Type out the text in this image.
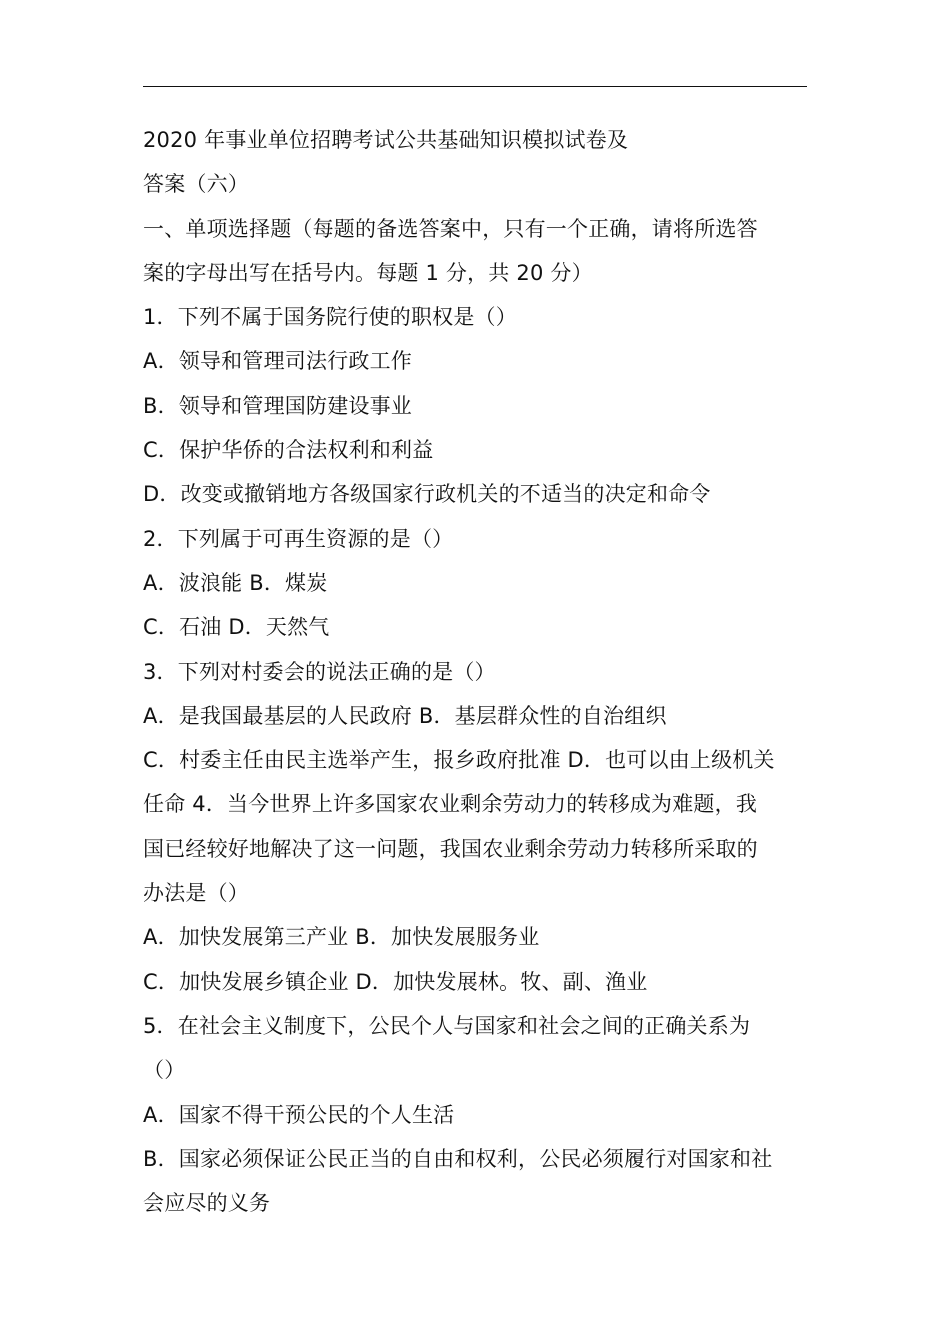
2020 年事业单位招聘考试公共基础知识模拟试卷及
答案（六）
一、单项选择题（每题的备选答案中，只有一个正确，请将所选答
案的字母出写在括号内。每题 1 分，共 20 分）
1．下列不属于国务院行使的职权是（）
A．领导和管理司法行政工作
B．领导和管理国防建设事业
C．保护华侨的合法权利和利益
D．改变或撤销地方各级国家行政机关的不适当的决定和命令
2．下列属于可再生资源的是（）
A．波浪能 B．煤炭
C．石油 D．天然气
3．下列对村委会的说法正确的是（）
A．是我国最基层的人民政府 B．基层群众性的自治组织
C．村委主任由民主选举产生，报乡政府批准 D．也可以由上级机关
任命 4．当今世界上许多国家农业剩余劳动力的转移成为难题，我
国已经较好地解决了这一问题，我国农业剩余劳动力转移所采取的
办法是（）
A．加快发展第三产业 B．加快发展服务业
C．加快发展乡镇企业 D．加快发展林。牧、副、渔业
5．在社会主义制度下，公民个人与国家和社会之间的正确关系为
（）
A．国家不得干预公民的个人生活
B．国家必须保证公民正当的自由和权利，公民必须履行对国家和社
会应尽的义务
